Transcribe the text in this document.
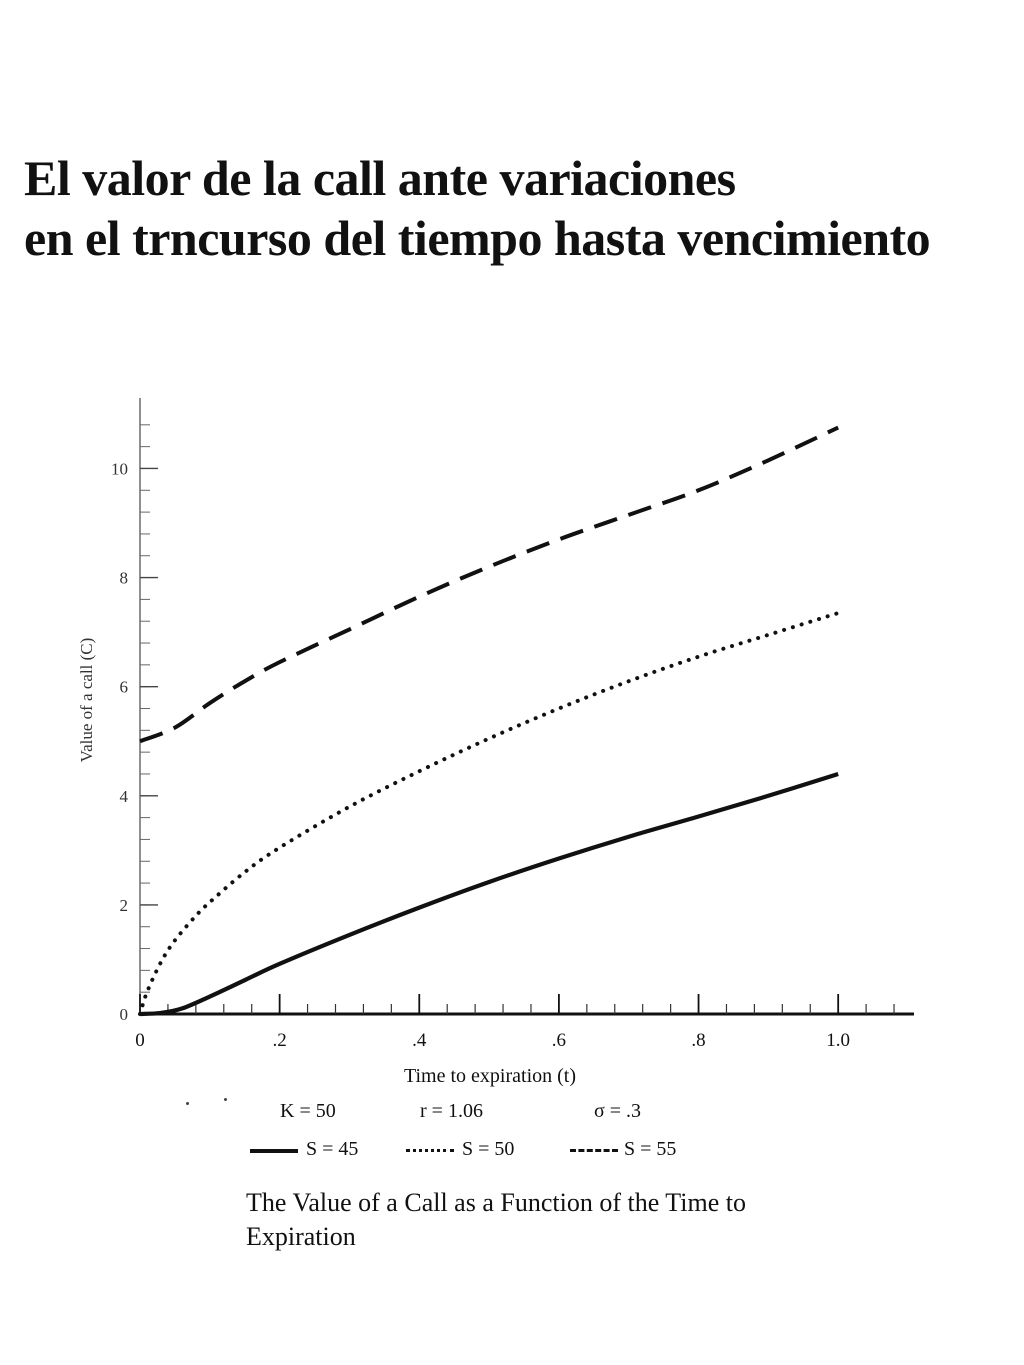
El valor de la call ante variaciones
en el trncurso del tiempo hasta vencimiento
0	.2	.4	.6	.8	1.0
0
2
4
6
8
10
Time to expiration (t)
Value of a call (C)
K = 50	r = 1.06	σ = .3
S = 45	S = 50	S = 55
The Value of a Call as a Function of the Time to Expiration
